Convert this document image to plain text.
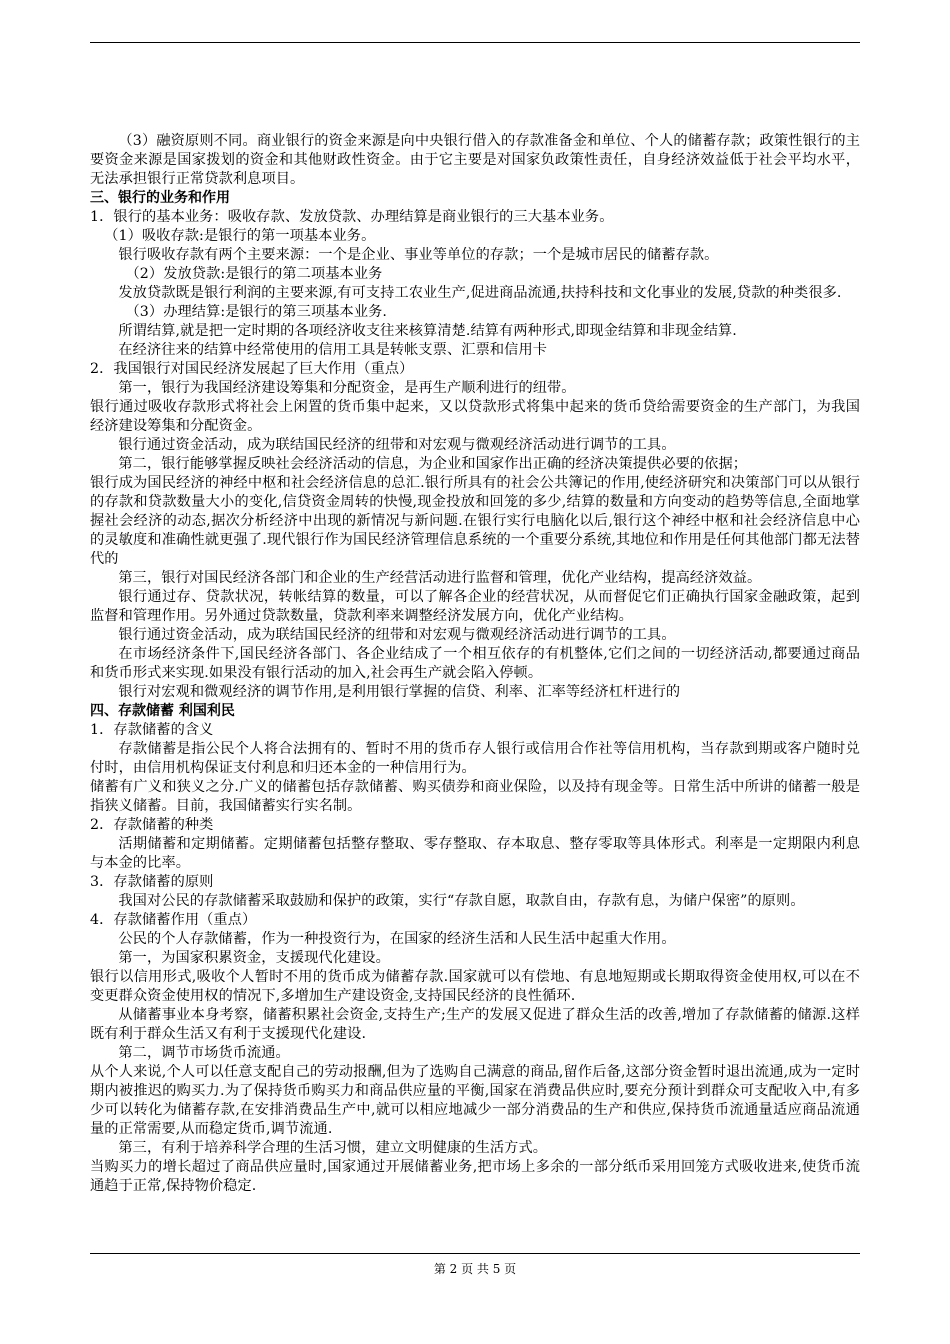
（3）融资原则不同。商业银行的资金来源是向中央银行借入的存款准备金和单位、个人的储蓄存款；政策性银行的主要资金来源是国家拨划的资金和其他财政性资金。由于它主要是对国家负政策性责任，自身经济效益低于社会平均水平，无法承担银行正常贷款利息项目。

三、银行的业务和作用

1．银行的基本业务：吸收存款、发放贷款、办理结算是商业银行的三大基本业务。

（1）吸收存款:是银行的第一项基本业务。

银行吸收存款有两个主要来源：一个是企业、事业等单位的存款；一个是城市居民的储蓄存款。

（2）发放贷款:是银行的第二项基本业务

发放贷款既是银行利润的主要来源,有可支持工农业生产,促进商品流通,扶持科技和文化事业的发展,贷款的种类很多.

（3）办理结算:是银行的第三项基本业务.

所谓结算,就是把一定时期的各项经济收支往来核算清楚.结算有两种形式,即现金结算和非现金结算.

在经济往来的结算中经常使用的信用工具是转帐支票、汇票和信用卡

2．我国银行对国民经济发展起了巨大作用（重点）

第一，银行为我国经济建设筹集和分配资金，是再生产顺利进行的纽带。

银行通过吸收存款形式将社会上闲置的货币集中起来，又以贷款形式将集中起来的货币贷给需要资金的生产部门，为我国经济建设筹集和分配资金。

银行通过资金活动，成为联结国民经济的纽带和对宏观与微观经济活动进行调节的工具。

第二，银行能够掌握反映社会经济活动的信息，为企业和国家作出正确的经济决策提供必要的依据；

银行成为国民经济的神经中枢和社会经济信息的总汇.银行所具有的社会公共簿记的作用,使经济研究和决策部门可以从银行的存款和贷款数量大小的变化,信贷资金周转的快慢,现金投放和回笼的多少,结算的数量和方向变动的趋势等信息,全面地掌握社会经济的动态,据次分析经济中出现的新情况与新问题.在银行实行电脑化以后,银行这个神经中枢和社会经济信息中心的灵敏度和准确性就更强了.现代银行作为国民经济管理信息系统的一个重要分系统,其地位和作用是任何其他部门都无法替代的

第三，银行对国民经济各部门和企业的生产经营活动进行监督和管理，优化产业结构，提高经济效益。

银行通过存、贷款状况，转帐结算的数量，可以了解各企业的经营状况，从而督促它们正确执行国家金融政策，起到监督和管理作用。另外通过贷款数量，贷款利率来调整经济发展方向，优化产业结构。

银行通过资金活动，成为联结国民经济的纽带和对宏观与微观经济活动进行调节的工具。

在市场经济条件下,国民经济各部门、各企业结成了一个相互依存的有机整体,它们之间的一切经济活动,都要通过商品和货币形式来实现.如果没有银行活动的加入,社会再生产就会陷入停顿。

银行对宏观和微观经济的调节作用,是利用银行掌握的信贷、利率、汇率等经济杠杆进行的

四、存款储蓄 利国利民

1．存款储蓄的含义

存款储蓄是指公民个人将合法拥有的、暂时不用的货币存人银行或信用合作社等信用机构，当存款到期或客户随时兑付时，由信用机构保证支付利息和归还本金的一种信用行为。

储蓄有广义和狭义之分.广义的储蓄包括存款储蓄、购买债券和商业保险，以及持有现金等。日常生活中所讲的储蓄一般是指狭义储蓄。目前，我国储蓄实行实名制。

2．存款储蓄的种类

活期储蓄和定期储蓄。定期储蓄包括整存整取、零存整取、存本取息、整存零取等具体形式。利率是一定期限内利息与本金的比率。

3．存款储蓄的原则

我国对公民的存款储蓄采取鼓励和保护的政策，实行“存款自愿，取款自由，存款有息，为储户保密”的原则。

4．存款储蓄作用（重点）

公民的个人存款储蓄，作为一种投资行为，在国家的经济生活和人民生活中起重大作用。

第一，为国家积累资金，支援现代化建设。

银行以信用形式,吸收个人暂时不用的货币成为储蓄存款.国家就可以有偿地、有息地短期或长期取得资金使用权,可以在不变更群众资金使用权的情况下,多增加生产建设资金,支持国民经济的良性循环.

从储蓄事业本身考察，储蓄积累社会资金,支持生产;生产的发展又促进了群众生活的改善,增加了存款储蓄的储源.这样既有利于群众生活又有利于支援现代化建设.

第二，调节市场货币流通。

从个人来说,个人可以任意支配自己的劳动报酬,但为了选购自己满意的商品,留作后备,这部分资金暂时退出流通,成为一定时期内被推迟的购买力.为了保持货币购买力和商品供应量的平衡,国家在消费品供应时,要充分预计到群众可支配收入中,有多少可以转化为储蓄存款,在安排消费品生产中,就可以相应地减少一部分消费品的生产和供应,保持货币流通量适应商品流通量的正常需要,从而稳定货币,调节流通.

第三，有利于培养科学合理的生活习惯，建立文明健康的生活方式。

当购买力的增长超过了商品供应量时,国家通过开展储蓄业务,把市场上多余的一部分纸币采用回笼方式吸收进来,使货币流通趋于正常,保持物价稳定.

第 2 页 共 5 页
